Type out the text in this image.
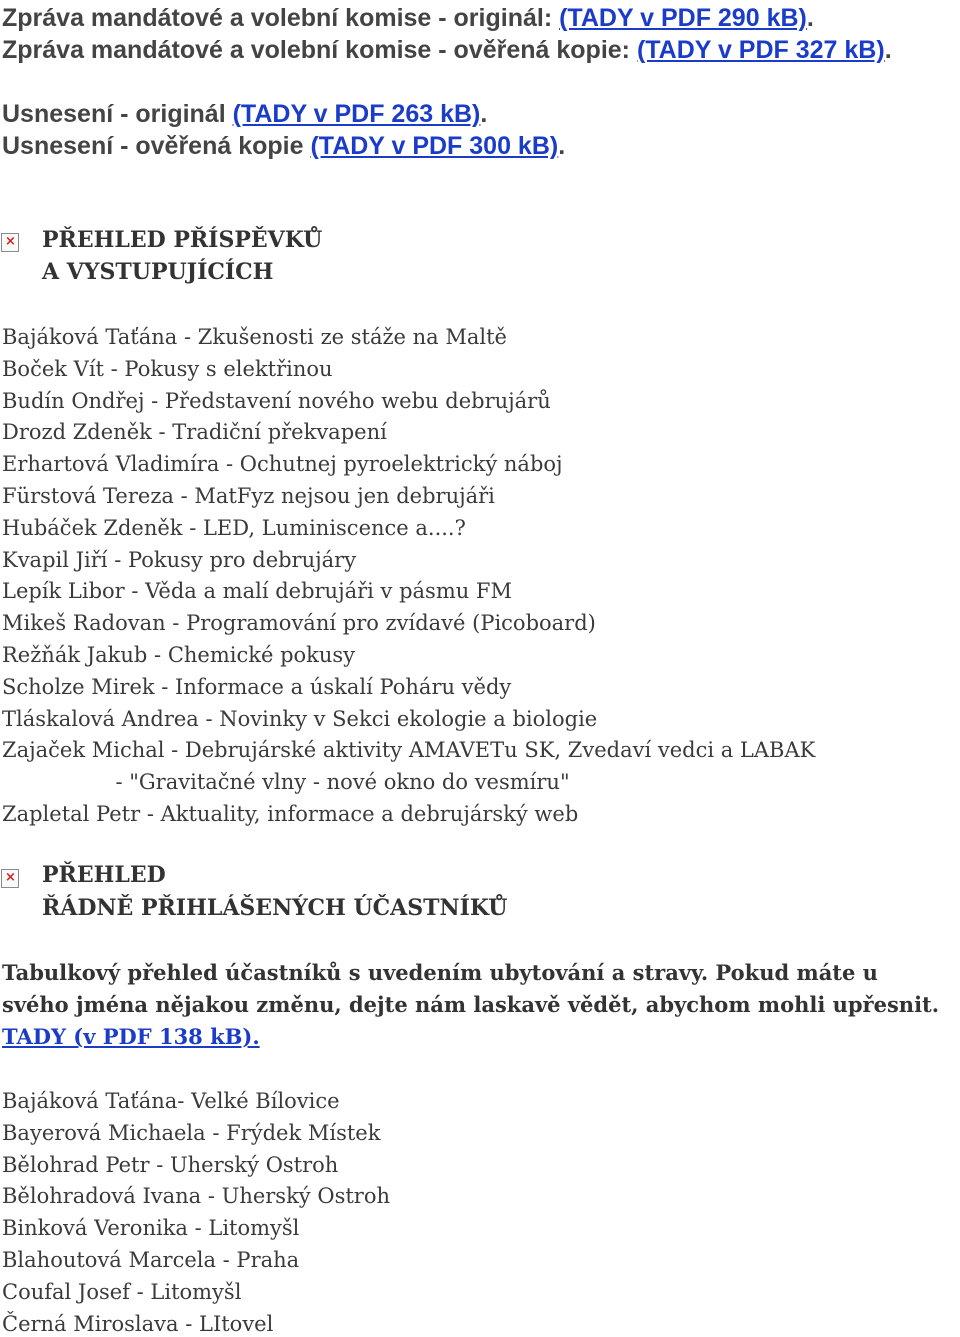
Zpráva mandátové a volební komise - originál: (TADY v PDF 290 kB).
Zpráva mandátové a volební komise - ověřená kopie: (TADY v PDF 327 kB).
Usnesení - originál (TADY v PDF 263 kB).
Usnesení - ověřená kopie (TADY v PDF 300 kB).
× PŘEHLED PŘÍSPĚVKŮ
A VYSTUPUJÍCÍCH
Bajáková Taťána - Zkušenosti ze stáže na Maltě
Boček Vít - Pokusy s elektřinou
Budín Ondřej - Představení nového webu debrujárů
Drozd Zdeněk - Tradiční překvapení
Erhartová Vladimíra - Ochutnej pyroelektrický náboj
Fürstová Tereza - MatFyz nejsou jen debrujáři
Hubáček Zdeněk - LED, Luminiscence a....?
Kvapil Jiří - Pokusy pro debrujáry
Lepík Libor - Věda a malí debrujáři v pásmu FM
Mikeš Radovan - Programování pro zvídavé (Picoboard)
Režňák Jakub - Chemické pokusy
Scholze Mirek - Informace a úskalí Poháru vědy
Tláskalová Andrea - Novinky v Sekci ekologie a biologie
Zajaček Michal - Debrujárské aktivity AMAVETu SK, Zvedaví vedci a LABAK
- "Gravitačné vlny - nové okno do vesmíru"
Zapletal Petr - Aktuality, informace a debrujárský web
× PŘEHLED
ŘÁDNĚ PŘIHLÁŠENÝCH ÚČASTNÍKŮ
Tabulkový přehled účastníků s uvedením ubytování a stravy. Pokud máte u
svého jména nějakou změnu, dejte nám laskavě vědět, abychom mohli upřesnit.
TADY (v PDF 138 kB).
Bajáková Taťána- Velké Bílovice
Bayerová Michaela - Frýdek Místek
Bělohrad Petr - Uherský Ostroh
Bělohradová Ivana - Uherský Ostroh
Binková Veronika - Litomyšl
Blahoutová Marcela - Praha
Coufal Josef - Litomyšl
Černá Miroslava - LItovel
